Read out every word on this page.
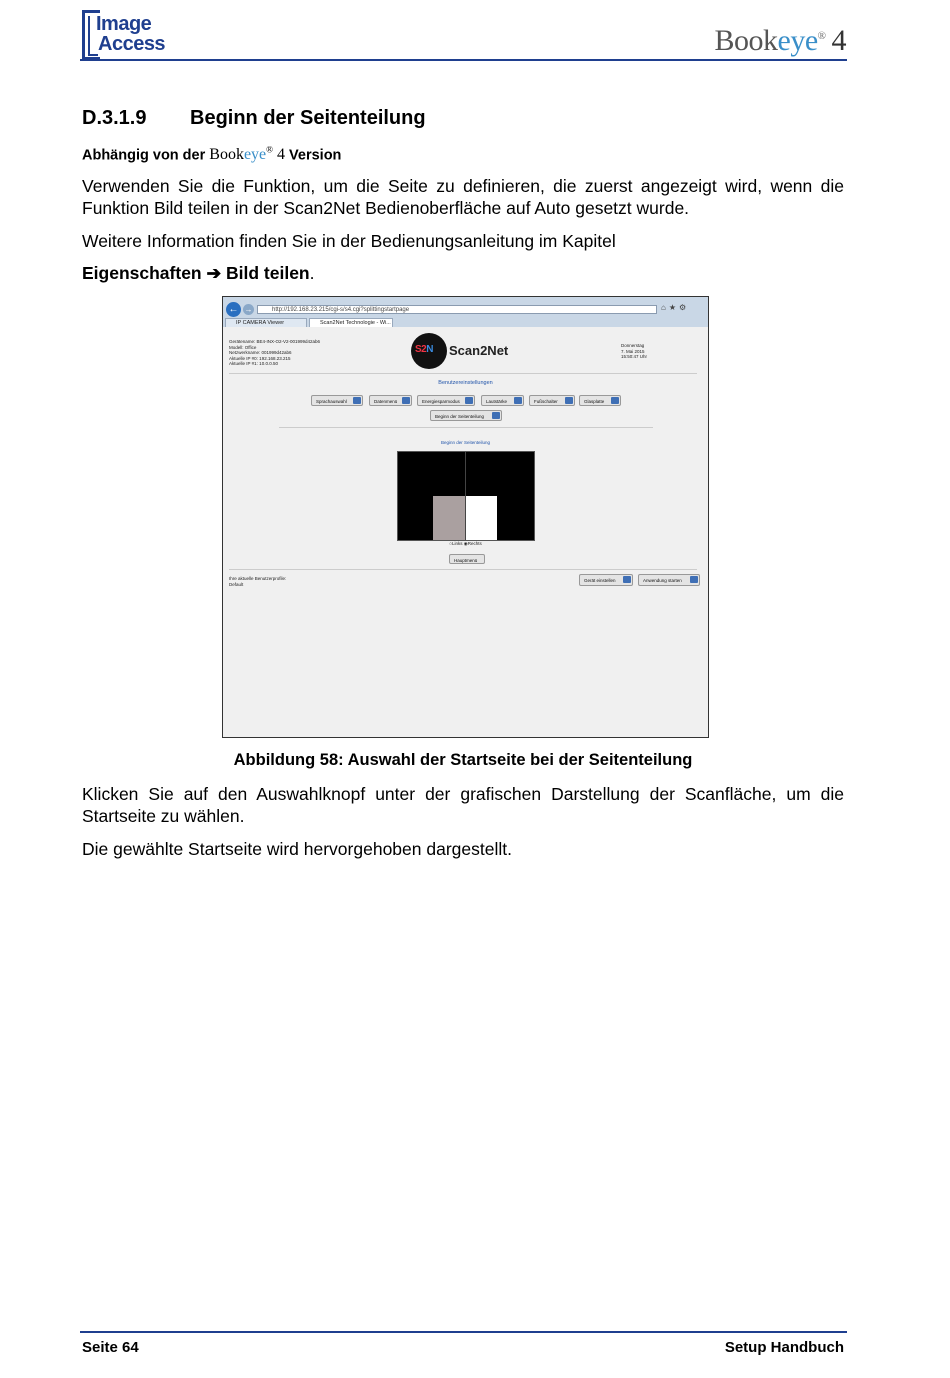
Image
Access	Bookeye® 4
D.3.1.9 Beginn der Seitenteilung
Abhängig von der Bookeye® 4 Version
Verwenden Sie die Funktion, um die Seite zu definieren, die zuerst angezeigt wird, wenn die Funktion Bild teilen in der Scan2Net Bedienoberfläche auf Auto gesetzt wurde.
Weitere Information finden Sie in der Bedienungsanleitung im Kapitel
Eigenschaften ➔ Bild teilen.
← →	http://192.168.23.215/cgi-s/s4.cgi?splittingstartpage	⌂★⚙
IP CAMERA Viewer	Scan2Net Technologie - Wi...
Gerätename: BE4-INX-O2-V2-001999d42ab6
Modell: Office
Netzwerkname: 001999d42ab6
Aktuelle IP #0: 192.168.23.215
Aktuelle IP #1: 10.0.0.50
S2N Scan2Net	Donnerstag
7. Mai 2015
15:50:47 Uhr
Benutzereinstellungen
Sprachauswahl	Datenmenü	Energiesparmodus	Lautstärke	Fußschalter	Glasplatte
Beginn der Seitenteilung
Beginn der Seitenteilung
○Links ◉Rechts
Hauptmenü
Ihre aktuelle Benutzerprofile:
Default
Gerät einstellen	Anwendung starten
Abbildung 58: Auswahl der Startseite bei der Seitenteilung
Klicken Sie auf den Auswahlknopf unter der grafischen Darstellung der Scanfläche, um die Startseite zu wählen.
Die gewählte Startseite wird hervorgehoben dargestellt.
Seite 64	Setup Handbuch
